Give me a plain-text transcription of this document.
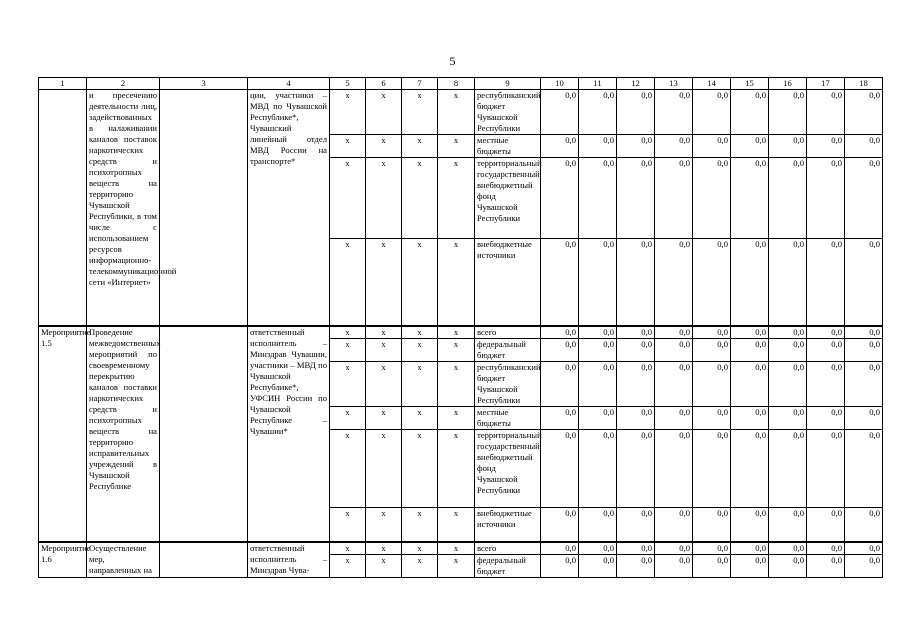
5
1	2	3	4	5	6	7	8	9	10	11	12	13	14	15	16	17	18
	и пресечению деятельности лиц, задействованных в налаживании каналов поставок наркотических средств и психотропных веществ на территорию Чувашской Республики, в том числе с использованием ресурсов информационно-телекоммуникационной сети «Интернет»		ции, участники – МВД по Чувашской Республике*, Чувашский линейный отдел МВД России на транспорте*	x	x	x	x	республиканский бюджет Чувашской Республики	0,0	0,0	0,0	0,0	0,0	0,0	0,0	0,0	0,0
				x	x	x	x	местные бюджеты	0,0	0,0	0,0	0,0	0,0	0,0	0,0	0,0	0,0
				x	x	x	x	территориальный государственный внебюджетный фонд Чувашской Республики	0,0	0,0	0,0	0,0	0,0	0,0	0,0	0,0	0,0
				x	x	x	x	внебюджетные источники	0,0	0,0	0,0	0,0	0,0	0,0	0,0	0,0	0,0
Мероприятие 1.5	Проведение межведомственных мероприятий по своевременному перекрытию каналов поставки наркотических средств и психотропных веществ на территорию исправительных учреждений в Чувашской Республике		ответственный исполнитель – Минздрав Чувашии, участники – МВД по Чувашской Республике*, УФСИН России по Чувашской Республике – Чувашии*	x	x	x	x	всего	0,0	0,0	0,0	0,0	0,0	0,0	0,0	0,0	0,0
				x	x	x	x	федеральный бюджет	0,0	0,0	0,0	0,0	0,0	0,0	0,0	0,0	0,0
				x	x	x	x	республиканский бюджет Чувашской Республики	0,0	0,0	0,0	0,0	0,0	0,0	0,0	0,0	0,0
				x	x	x	x	местные бюджеты	0,0	0,0	0,0	0,0	0,0	0,0	0,0	0,0	0,0
				x	x	x	x	территориальный государственный внебюджетный фонд Чувашской Республики	0,0	0,0	0,0	0,0	0,0	0,0	0,0	0,0	0,0
				x	x	x	x	внебюджетные источники	0,0	0,0	0,0	0,0	0,0	0,0	0,0	0,0	0,0
Мероприятие 1.6	Осуществление мер, направленных на		ответственный исполнитель – Минздрав Чува-	x	x	x	x	всего	0,0	0,0	0,0	0,0	0,0	0,0	0,0	0,0	0,0
				x	x	x	x	федеральный бюджет	0,0	0,0	0,0	0,0	0,0	0,0	0,0	0,0	0,0
